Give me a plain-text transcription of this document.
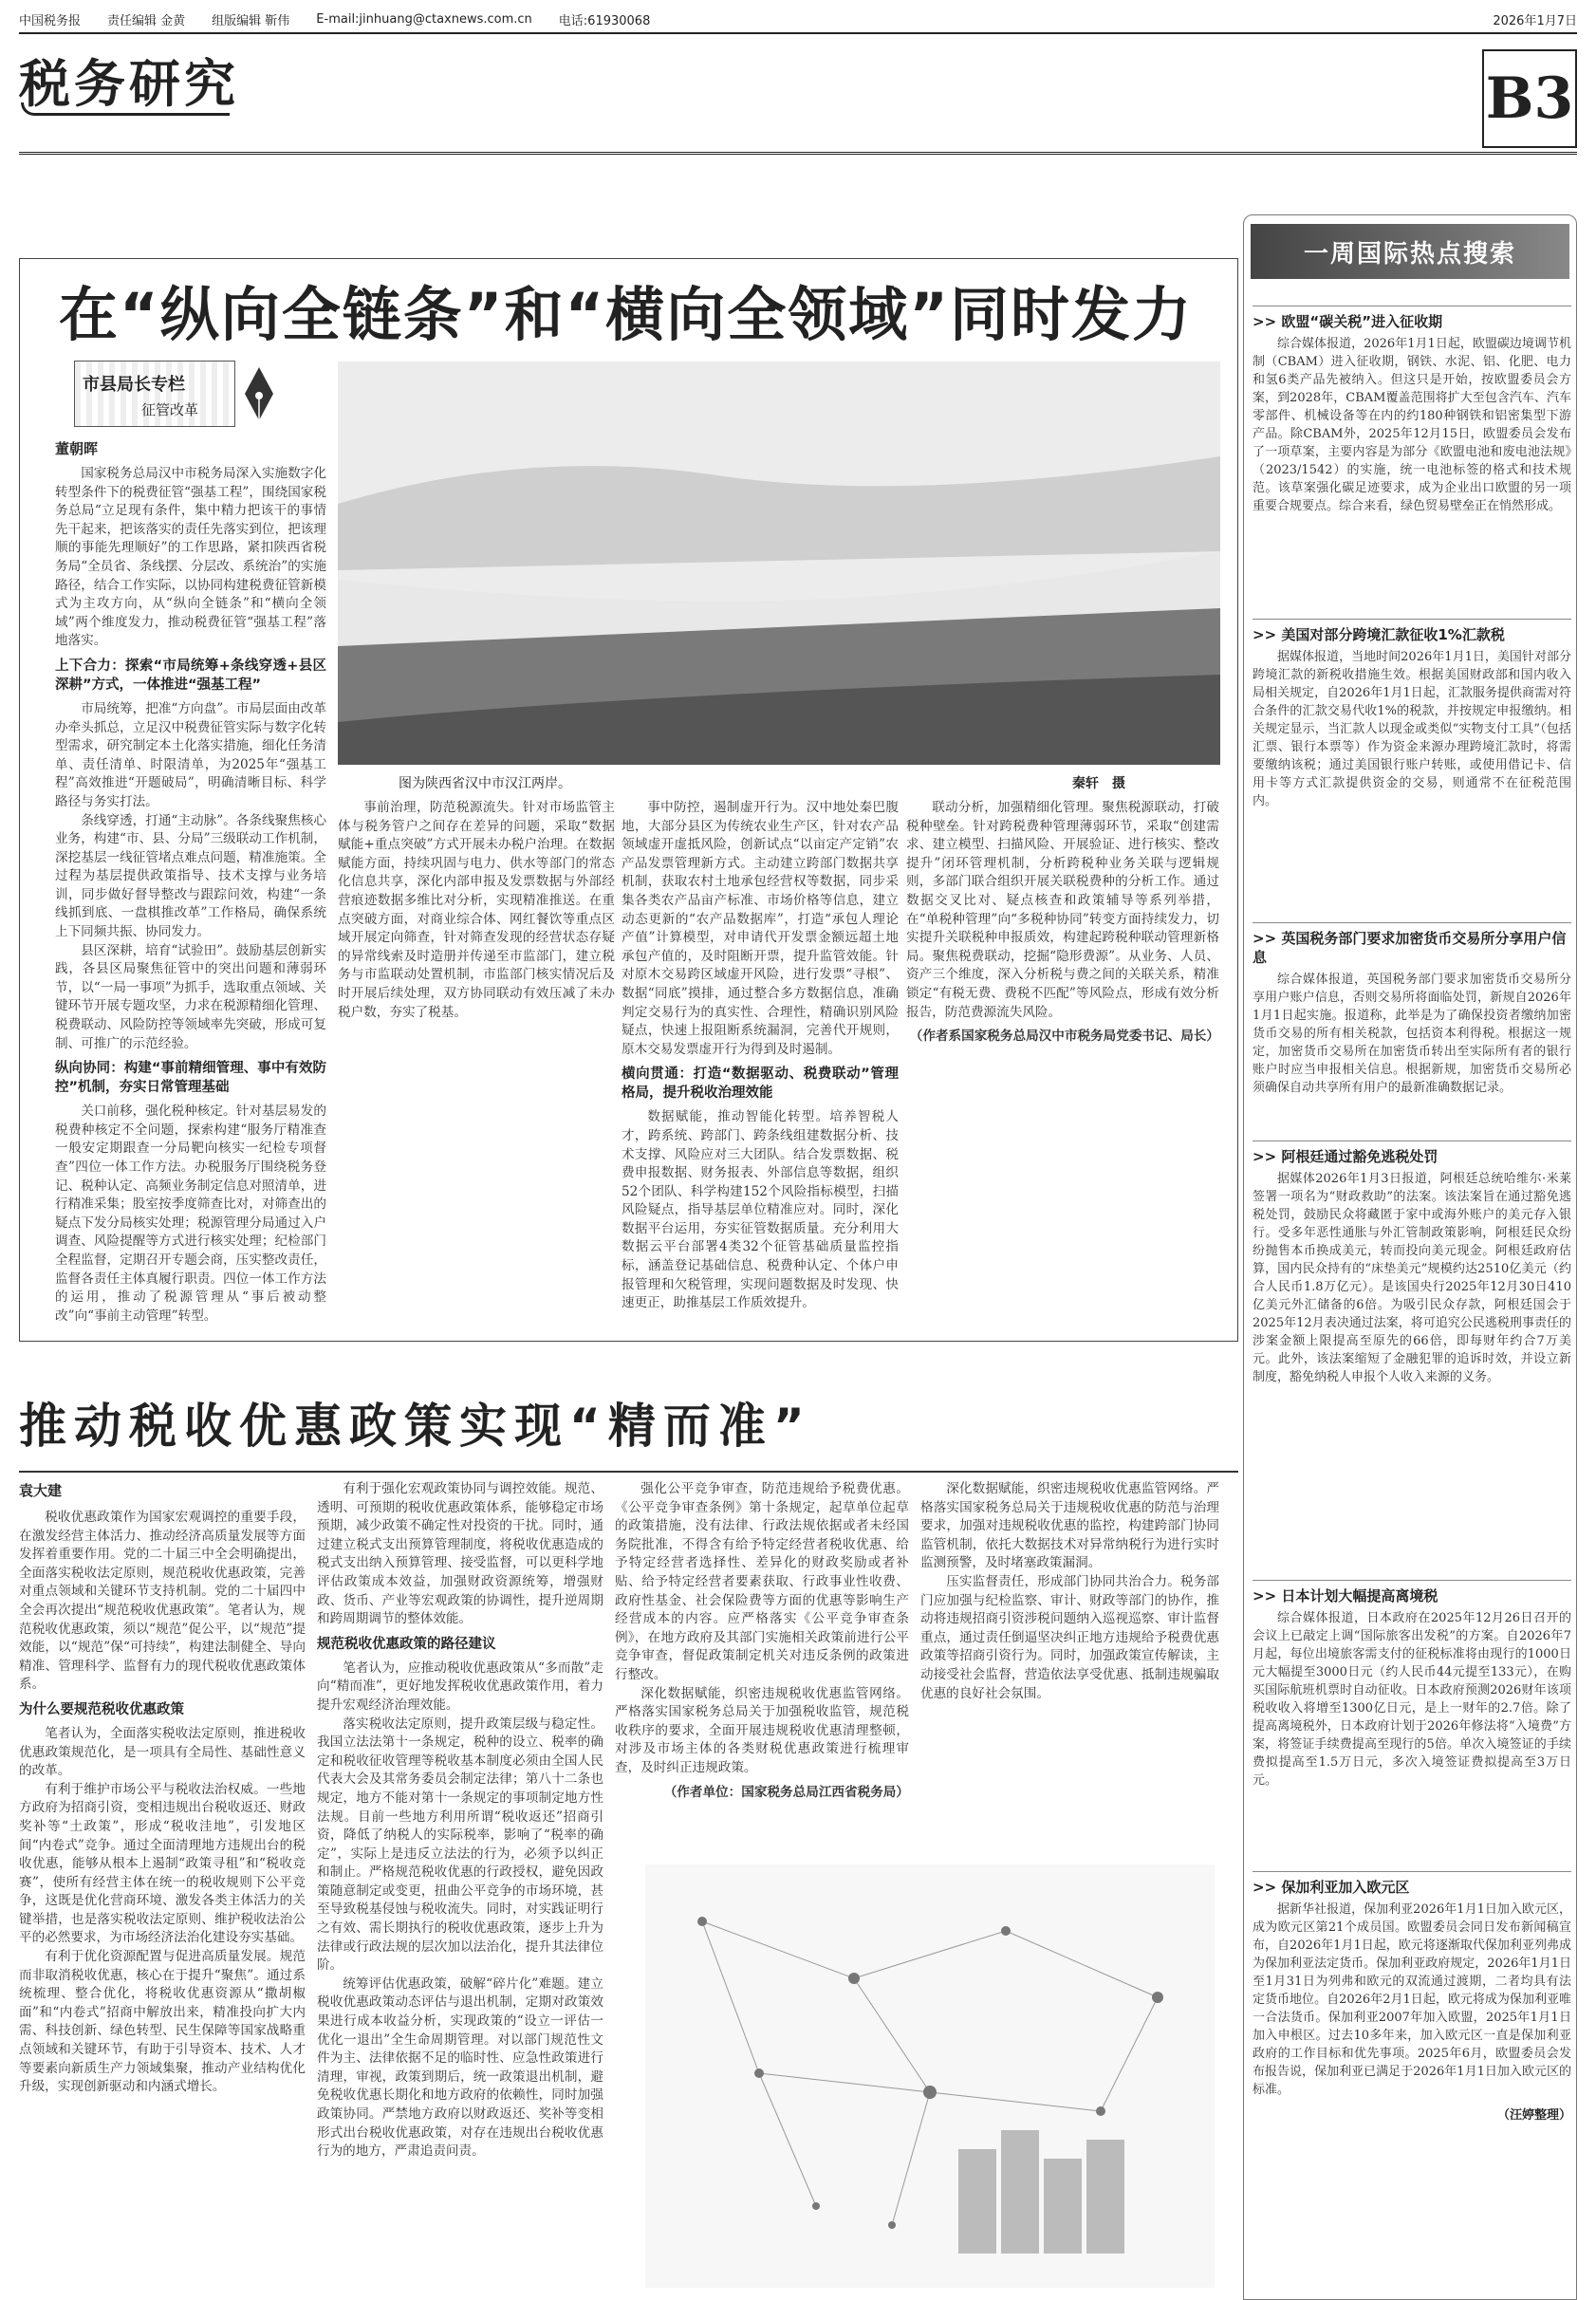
中国税务报 责任编辑 金黄 组版编辑 靳伟 E-mail:jinhuang@ctaxnews.com.cn 电话:61930068	2026年1月7日
税务研究	B3
在“纵向全链条”和“横向全领域”同时发力
市县局长专栏
征管改革
董朝晖

国家税务总局汉中市税务局深入实施数字化转型条件下的税费征管“强基工程”，围绕国家税务总局“立足现有条件，集中精力把该干的事情先干起来，把该落实的责任先落实到位，把该理顺的事能先理顺好”的工作思路，紧扣陕西省税务局“全员省、条线摆、分层改、系统治”的实施路径，结合工作实际，以协同构建税费征管新模式为主攻方向，从“纵向全链条”和“横向全领域”两个维度发力，推动税费征管“强基工程”落地落实。

上下合力：探索“市局统筹+条线穿透+县区深耕”方式，一体推进“强基工程”

市局统筹，把准“方向盘”。市局层面由改革办牵头抓总，立足汉中税费征管实际与数字化转型需求，研究制定本土化落实措施，细化任务清单、责任清单、时限清单，为2025年“强基工程”高效推进“开题破局”，明确清晰目标、科学路径与务实打法。

条线穿透，打通“主动脉”。各条线聚焦核心业务，构建“市、县、分局”三级联动工作机制，深挖基层一线征管堵点难点问题，精准施策。全过程为基层提供政策指导、技术支撑与业务培训，同步做好督导整改与跟踪问效，构建“一条线抓到底、一盘棋推改革”工作格局，确保系统上下同频共振、协同发力。

县区深耕，培育“试验田”。鼓励基层创新实践，各县区局聚焦征管中的突出问题和薄弱环节，以“一局一事项”为抓手，选取重点领域、关键环节开展专题攻坚，力求在税源精细化管理、税费联动、风险防控等领域率先突破，形成可复制、可推广的示范经验。

纵向协同：构建“事前精细管理、事中有效防控”机制，夯实日常管理基础

关口前移，强化税种核定。针对基层易发的税费种核定不全问题，探索构建“服务厅精准查一般安定期跟查一分局靶向核实一纪检专项督查”四位一体工作方法。办税服务厅围绕税务登记、税种认定、高频业务制定信息对照清单，进行精准采集；股室按季度筛查比对，对筛查出的疑点下发分局核实处理；税源管理分局通过入户调查、风险提醒等方式进行核实处理；纪检部门全程监督，定期召开专题会商，压实整改责任，监督各责任主体真履行职责。四位一体工作方法的运用，推动了税源管理从“事后被动整改”向“事前主动管理”转型。

图为陕西省汉中市汉江两岸。	秦轩　摄

事前治理，防范税源流失。针对市场监管主体与税务管户之间存在差异的问题，采取“数据赋能+重点突破”方式开展未办税户治理。在数据赋能方面，持续巩固与电力、供水等部门的常态化信息共享，深化内部申报及发票数据与外部经营痕迹数据多维比对分析，实现精准推送。在重点突破方面，对商业综合体、网红餐饮等重点区域开展定向筛查，针对筛查发现的经营状态存疑的异常线索及时造册并传递至市监部门，建立税务与市监联动处置机制，市监部门核实情况后及时开展后续处理，双方协同联动有效压减了未办税户数，夯实了税基。

事中防控，遏制虚开行为。汉中地处秦巴腹地，大部分县区为传统农业生产区，针对农产品领域虚开虚抵风险，创新试点“以亩定产定销”农产品发票管理新方式。主动建立跨部门数据共享机制，获取农村土地承包经营权等数据，同步采集各类农产品亩产标准、市场价格等信息，建立动态更新的“农产品数据库”，打造“承包人理论产值”计算模型，对申请代开发票金额远超土地承包产值的，及时阻断开票，提升监管效能。针对原木交易跨区域虚开风险，进行发票“寻根”、数据“同底”摸排，通过整合多方数据信息，准确判定交易行为的真实性、合理性，精确识别风险疑点，快速上报阻断系统漏洞，完善代开规则，原木交易发票虚开行为得到及时遏制。

横向贯通：打造“数据驱动、税费联动”管理格局，提升税收治理效能

数据赋能，推动智能化转型。培养智税人才，跨系统、跨部门、跨条线组建数据分析、技术支撑、风险应对三大团队。结合发票数据、税费申报数据、财务报表、外部信息等数据，组织52个团队、科学构建152个风险指标模型，扫描风险疑点，指导基层单位精准应对。同时，深化数据平台运用，夯实征管数据质量。充分利用大数据云平台部署4类32个征管基础质量监控指标，涵盖登记基础信息、税费种认定、个体户申报管理和欠税管理，实现问题数据及时发现、快速更正，助推基层工作质效提升。

联动分析，加强精细化管理。聚焦税源联动，打破税种壁垒。针对跨税费种管理薄弱环节，采取“创建需求、建立模型、扫描风险、开展验证、进行核实、整改提升”闭环管理机制，分析跨税种业务关联与逻辑规则，多部门联合组织开展关联税费种的分析工作。通过数据交叉比对、疑点核查和政策辅导等系列举措，在“单税种管理”向“多税种协同”转变方面持续发力，切实提升关联税种申报质效，构建起跨税种联动管理新格局。聚焦税费联动，挖掘“隐形费源”。从业务、人员、资产三个维度，深入分析税与费之间的关联关系，精准锁定“有税无费、费税不匹配”等风险点，形成有效分析报告，防范费源流失风险。

（作者系国家税务总局汉中市税务局党委书记、局长）
推动税收优惠政策实现“精而准”
袁大建

税收优惠政策作为国家宏观调控的重要手段，在激发经营主体活力、推动经济高质量发展等方面发挥着重要作用。党的二十届三中全会明确提出，全面落实税收法定原则，规范税收优惠政策，完善对重点领域和关键环节支持机制。党的二十届四中全会再次提出“规范税收优惠政策”。笔者认为，规范税收优惠政策，须以“规范”促公平，以“规范”提效能，以“规范”保“可持续”，构建法制健全、导向精准、管理科学、监督有力的现代税收优惠政策体系。

为什么要规范税收优惠政策

笔者认为，全面落实税收法定原则，推进税收优惠政策规范化，是一项具有全局性、基础性意义的改革。

有利于维护市场公平与税收法治权威。一些地方政府为招商引资，变相违规出台税收返还、财政奖补等“土政策”，形成“税收洼地”，引发地区间“内卷式”竞争。通过全面清理地方违规出台的税收优惠，能够从根本上遏制“政策寻租”和“税收竞赛”，使所有经营主体在统一的税收规则下公平竞争，这既是优化营商环境、激发各类主体活力的关键举措，也是落实税收法定原则、维护税收法治公平的必然要求，为市场经济法治化建设夯实基础。

有利于优化资源配置与促进高质量发展。规范而非取消税收优惠，核心在于提升“聚焦”。通过系统梳理、整合优化，将税收优惠资源从“撒胡椒面”和“内卷式”招商中解放出来，精准投向扩大内需、科技创新、绿色转型、民生保障等国家战略重点领域和关键环节，有助于引导资本、技术、人才等要素向新质生产力领域集聚，推动产业结构优化升级，实现创新驱动和内涵式增长。

有利于强化宏观政策协同与调控效能。规范、透明、可预期的税收优惠政策体系，能够稳定市场预期，减少政策不确定性对投资的干扰。同时，通过建立税式支出预算管理制度，将税收优惠造成的税式支出纳入预算管理、接受监督，可以更科学地评估政策成本效益，加强财政资源统筹，增强财政、货币、产业等宏观政策的协调性，提升逆周期和跨周期调节的整体效能。

规范税收优惠政策的路径建议

笔者认为，应推动税收优惠政策从“多而散”走向“精而准”，更好地发挥税收优惠政策作用，着力提升宏观经济治理效能。

落实税收法定原则，提升政策层级与稳定性。我国立法法第十一条规定，税种的设立、税率的确定和税收征收管理等税收基本制度必须由全国人民代表大会及其常务委员会制定法律；第八十二条也规定，地方不能对第十一条规定的事项制定地方性法规。目前一些地方利用所谓“税收返还”招商引资，降低了纳税人的实际税率，影响了“税率的确定”，实际上是违反立法法的行为，必须予以纠正和制止。严格规范税收优惠的行政授权，避免因政策随意制定或变更，扭曲公平竞争的市场环境，甚至导致税基侵蚀与税收流失。同时，对实践证明行之有效、需长期执行的税收优惠政策，逐步上升为法律或行政法规的层次加以法治化，提升其法律位阶。

统筹评估优惠政策，破解“碎片化”难题。建立税收优惠政策动态评估与退出机制，定期对政策效果进行成本收益分析，实现政策的“设立一评估一优化一退出”全生命周期管理。对以部门规范性文件为主、法律依据不足的临时性、应急性政策进行清理，审视，政策到期后，统一政策退出机制，避免税收优惠长期化和地方政府的依赖性，同时加强政策协同。严禁地方政府以财政返还、奖补等变相形式出台税收优惠政策，对存在违规出台税收优惠行为的地方，严肃追责问责。

强化公平竞争审查，防范违规给予税费优惠。《公平竞争审查条例》第十条规定，起草单位起草的政策措施，没有法律、行政法规依据或者未经国务院批准，不得含有给予特定经营者税收优惠、给予特定经营者选择性、差异化的财政奖励或者补贴、给予特定经营者要素获取、行政事业性收费、政府性基金、社会保险费等方面的优惠等影响生产经营成本的内容。应严格落实《公平竞争审查条例》，在地方政府及其部门实施相关政策前进行公平竞争审查，督促政策制定机关对违反条例的政策进行整改。

深化数据赋能，织密违规税收优惠监管网络。严格落实国家税务总局关于加强税收监管，规范税收秩序的要求，全面开展违规税收优惠清理整顿，对涉及市场主体的各类财税优惠政策进行梳理审查，及时纠正违规政策。

（作者单位：国家税务总局江西省税务局）

深化数据赋能，织密违规税收优惠监管网络。严格落实国家税务总局关于违规税收优惠的防范与治理要求，加强对违规税收优惠的监控，构建跨部门协同监管机制，依托大数据技术对异常纳税行为进行实时监测预警，及时堵塞政策漏洞。

压实监督责任，形成部门协同共治合力。税务部门应加强与纪检监察、审计、财政等部门的协作，推动将违规招商引资涉税问题纳入巡视巡察、审计监督重点，通过责任倒逼坚决纠正地方违规给予税费优惠政策等招商引资行为。同时，加强政策宣传解读，主动接受社会监督，营造依法享受优惠、抵制违规骗取优惠的良好社会氛围。

一周国际热点搜索
>> 欧盟“碳关税”进入征收期
综合媒体报道，2026年1月1日起，欧盟碳边境调节机制（CBAM）进入征收期，钢铁、水泥、铝、化肥、电力和氢6类产品先被纳入。但这只是开始，按欧盟委员会方案，到2028年，CBAM覆盖范围将扩大至包含汽车、汽车零部件、机械设备等在内的约180种钢铁和铝密集型下游产品。除CBAM外，2025年12月15日，欧盟委员会发布了一项草案，主要内容是为部分《欧盟电池和废电池法规》（2023/1542）的实施，统一电池标签的格式和技术规范。该草案强化碳足迹要求，成为企业出口欧盟的另一项重要合规要点。综合来看，绿色贸易壁垒正在悄然形成。
>> 美国对部分跨境汇款征收1%汇款税
据媒体报道，当地时间2026年1月1日，美国针对部分跨境汇款的新税收措施生效。根据美国财政部和国内收入局相关规定，自2026年1月1日起，汇款服务提供商需对符合条件的汇款交易代收1%的税款，并按规定申报缴纳。相关规定显示，当汇款人以现金或类似“实物支付工具”（包括汇票、银行本票等）作为资金来源办理跨境汇款时，将需要缴纳该税；通过美国银行账户转账，或使用借记卡、信用卡等方式汇款提供资金的交易，则通常不在征税范围内。
>> 英国税务部门要求加密货币交易所分享用户信息
综合媒体报道，英国税务部门要求加密货币交易所分享用户账户信息，否则交易所将面临处罚，新规自2026年1月1日起实施。报道称，此举是为了确保投资者缴纳加密货币交易的所有相关税款，包括资本利得税。根据这一规定，加密货币交易所在加密货币转出至实际所有者的银行账户时应当申报相关信息。根据新规，加密货币交易所必须确保自动共享所有用户的最新准确数据记录。
>> 阿根廷通过豁免逃税处罚
据媒体2026年1月3日报道，阿根廷总统哈维尔·米莱签署一项名为“财政救助”的法案。该法案旨在通过豁免逃税处罚，鼓励民众将藏匿于家中或海外账户的美元存入银行。受多年恶性通胀与外汇管制政策影响，阿根廷民众纷纷抛售本币换成美元，转而投向美元现金。阿根廷政府估算，国内民众持有的“床垫美元”规模约达2510亿美元（约合人民币1.8万亿元）。是该国央行2025年12月30日410亿美元外汇储备的6倍。为吸引民众存款，阿根廷国会于2025年12月表决通过法案，将可追究公民逃税刑事责任的涉案金额上限提高至原先的66倍，即每财年约合7万美元。此外，该法案缩短了金融犯罪的追诉时效，并设立新制度，豁免纳税人申报个人收入来源的义务。
>> 日本计划大幅提高离境税
综合媒体报道，日本政府在2025年12月26日召开的会议上已敲定上调“国际旅客出发税”的方案。自2026年7月起，每位出境旅客需支付的征税标准将由现行的1000日元大幅提至3000日元（约人民币44元提至133元），在购买国际航班机票时自动征收。日本政府预测2026财年该项税收收入将增至1300亿日元，是上一财年的2.7倍。除了提高离境税外，日本政府计划于2026年修法将“入境费”方案，将签证手续费提高至现行的5倍。单次入境签证的手续费拟提高至1.5万日元，多次入境签证费拟提高至3万日元。
>> 保加利亚加入欧元区
据新华社报道，保加利亚2026年1月1日加入欧元区，成为欧元区第21个成员国。欧盟委员会同日发布新闻稿宣布，自2026年1月1日起，欧元将逐渐取代保加利亚列弗成为保加利亚法定货币。保加利亚政府规定，2026年1月1日至1月31日为列弗和欧元的双流通过渡期，二者均具有法定货币地位。自2026年2月1日起，欧元将成为保加利亚唯一合法货币。保加利亚2007年加入欧盟，2025年1月1日加入申根区。过去10多年来，加入欧元区一直是保加利亚政府的工作目标和优先事项。2025年6月，欧盟委员会发布报告说，保加利亚已满足于2026年1月1日加入欧元区的标准。
（汪婷整理）
